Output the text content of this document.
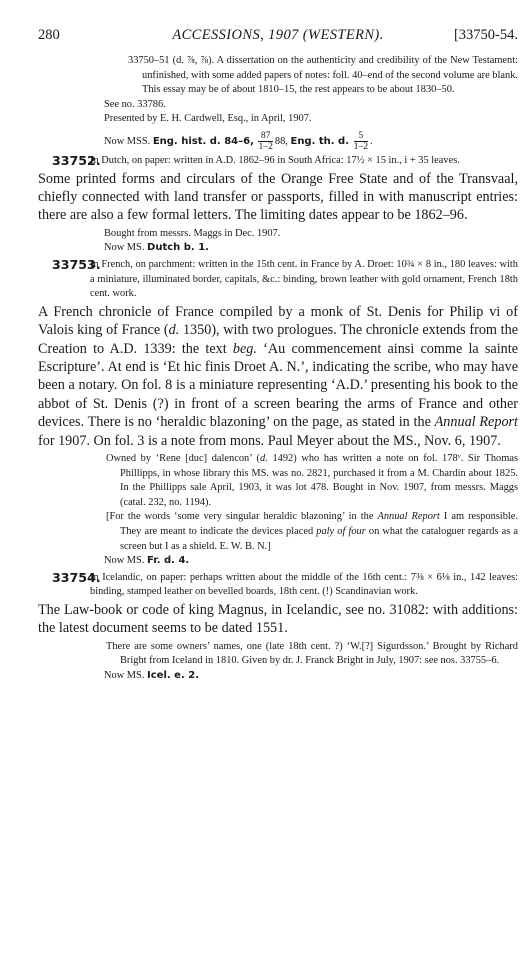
280	ACCESSIONS, 1907 (WESTERN).	[33750-54.
33750–51 (d. ⅞, ⅞). A dissertation on the authenticity and credibility of the New Testament: unfinished, with some added papers of notes: foll. 40–end of the second volume are blank. This essay may be of about 1810–15, the rest appears to be about 1830–50.
See no. 33786.
Presented by E. H. Cardwell, Esq., in April, 1907.
Now MSS. Eng. hist. d. 84–6, $\frac{87}{1-2} 88$, Eng. th. d. $\frac{5}{1-2}$ .
33752.
In Dutch, on paper: written in A.D. 1862–96 in South Africa: 17½ × 15 in., i + 35 leaves.
Some printed forms and circulars of the Orange Free State and of the Transvaal, chiefly connected with land transfer or passports, filled in with manuscript entries: there are also a few formal letters. The limiting dates appear to be 1862–96.
Bought from messrs. Maggs in Dec. 1907.
Now MS. Dutch b. 1.
33753.
In French, on parchment: written in the 15th cent. in France by A. Droet: 10¾ × 8 in., 180 leaves: with a miniature, illuminated border, capitals, &c.: binding, brown leather with gold ornament, French 18th cent. work.
A French chronicle of France compiled by a monk of St. Denis for Philip vi of Valois king of France (d. 1350), with two prologues. The chronicle extends from the Creation to A.D. 1339: the text beg. ‘Au commencement ainsi comme la sainte Escripture’. At end is ‘Et hic finis Droet A. N.’, indicating the scribe, who may have been a notary. On fol. 8 is a miniature representing ‘A.D.’ presenting his book to the abbot of St. Denis (?) in front of a screen bearing the arms of France and other devices. There is no ‘heraldic blazoning’ on the page, as stated in the Annual Report for 1907. On fol. 3 is a note from mons. Paul Meyer about the MS., Nov. 6, 1907.
Owned by ‘Rene [duc] dalencon’ (d. 1492) who has written a note on fol. 178ᵛ. Sir Thomas Phillipps, in whose library this MS. was no. 2821, purchased it from a M. Chardin about 1825. In the Phillipps sale April, 1903, it was lot 478. Bought in Nov. 1907, from messrs. Maggs (catal. 232, no. 1194).
[For the words ‘some very singular heraldic blazoning’ in the Annual Report I am responsible. They are meant to indicate the devices placed paly of four on what the cataloguer regards as a screen but I as a shield. E. W. B. N.]
Now MS. Fr. d. 4.
33754.
In Icelandic, on paper: perhaps written about the middle of the 16th cent.: 7⅜ × 6⅛ in., 142 leaves: binding, stamped leather on bevelled boards, 18th cent. (!) Scandinavian work.
The Law-book or code of king Magnus, in Icelandic, see no. 31082: with additions: the latest document seems to be dated 1551.
There are some owners’ names, one (late 18th cent. ?) ‘W.[?] Sigurdsson.’ Brought by Richard Bright from Iceland in 1810. Given by dr. J. Franck Bright in July, 1907: see nos. 33755–6.
Now MS. Icel. e. 2.
